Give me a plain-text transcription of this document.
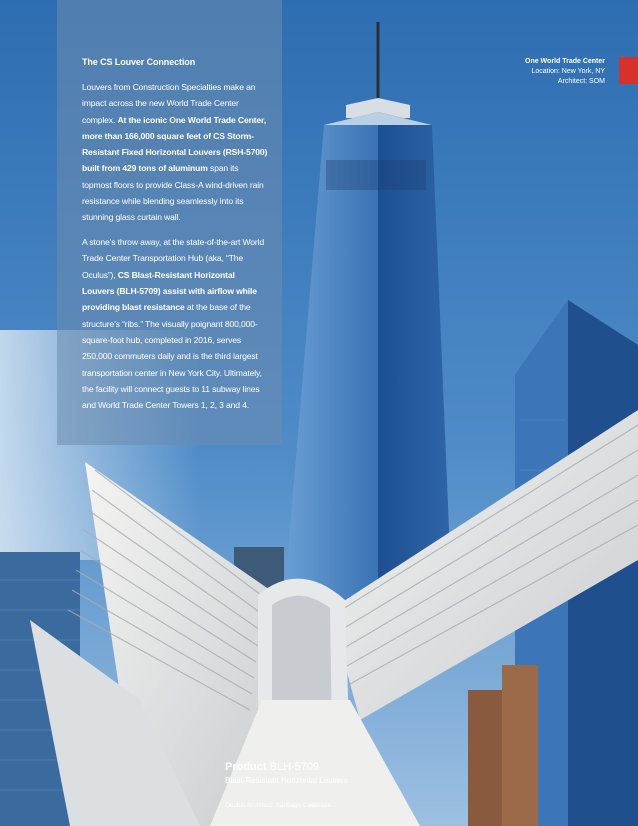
The CS Louver Connection

Louvers from Construction Specialties make an impact across the new World Trade Center complex. At the iconic One World Trade Center, more than 166,000 square feet of CS Storm-Resistant Fixed Horizontal Louvers (RSH-5700) built from 429 tons of aluminum span its topmost floors to provide Class-A wind-driven rain resistance while blending seamlessly into its stunning glass curtain wall.

A stone’s throw away, at the state-of-the-art World Trade Center Transportation Hub (aka, “The Oculus”), CS Blast-Resistant Horizontal Louvers (BLH-5709) assist with airflow while providing blast resistance at the base of the structure’s “ribs.” The visually poignant 800,000-square-foot hub, completed in 2016, serves 250,000 commuters daily and is the third largest transportation center in New York City. Ultimately, the facility will connect guests to 11 subway lines and World Trade Center Towers 1, 2, 3 and 4.

One World Trade Center
Location: New York, NY
Architect: SOM
Product BLH-5709
Blast-Resistant Horizontal Louvers
Oculus Architect: Santiago Calatrava
